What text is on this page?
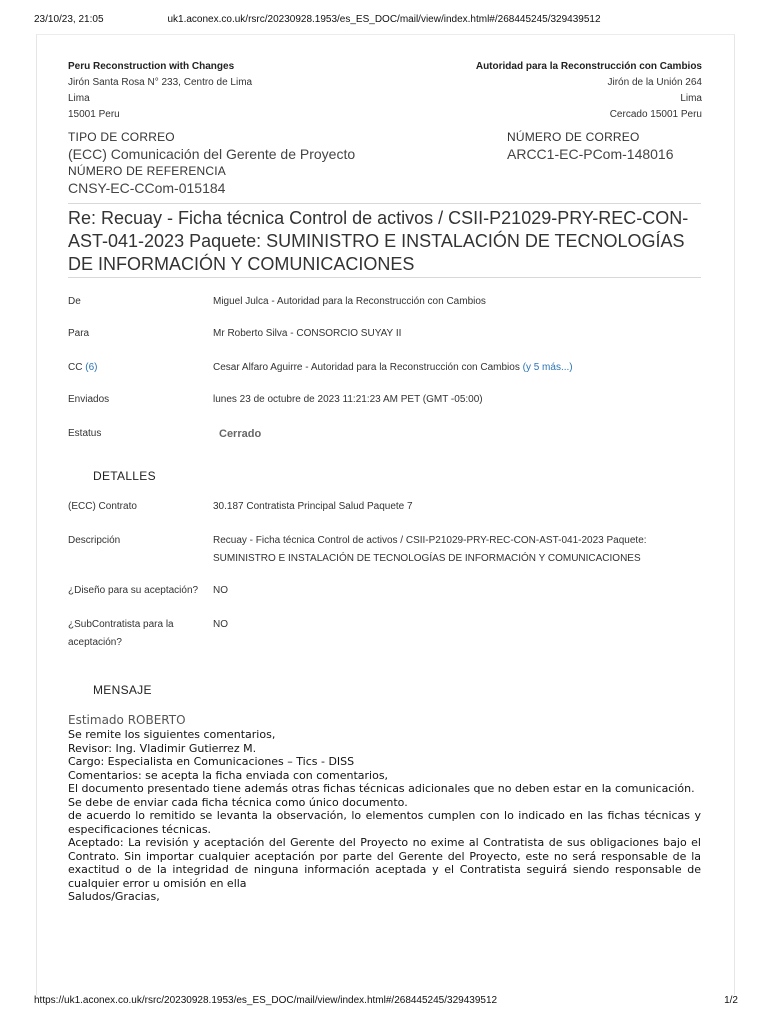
23/10/23, 21:05	uk1.aconex.co.uk/rsrc/20230928.1953/es_ES_DOC/mail/view/index.html#/268445245/329439512
Peru Reconstruction with Changes
Jirón Santa Rosa N° 233, Centro de Lima
Lima
15001 Peru
Autoridad para la Reconstrucción con Cambios
Jirón de la Unión 264
Lima
Cercado 15001 Peru
TIPO DE CORREO
(ECC) Comunicación del Gerente de Proyecto
NÚMERO DE REFERENCIA
CNSY-EC-CCom-015184
NÚMERO DE CORREO
ARCC1-EC-PCom-148016
Re: Recuay - Ficha técnica Control de activos / CSII-P21029-PRY-REC-CON-AST-041-2023 Paquete: SUMINISTRO E INSTALACIÓN DE TECNOLOGÍAS DE INFORMACIÓN Y COMUNICACIONES
De	Miguel Julca - Autoridad para la Reconstrucción con Cambios
Para	Mr Roberto Silva - CONSORCIO SUYAY II
CC (6)	Cesar Alfaro Aguirre - Autoridad para la Reconstrucción con Cambios (y 5 más...)
Enviados	lunes 23 de octubre de 2023 11:21:23 AM PET (GMT -05:00)
Estatus	Cerrado
DETALLES
(ECC) Contrato	30.187 Contratista Principal Salud Paquete 7
Descripción	Recuay - Ficha técnica Control de activos / CSII-P21029-PRY-REC-CON-AST-041-2023 Paquete:
SUMINISTRO E INSTALACIÓN DE TECNOLOGÍAS DE INFORMACIÓN Y COMUNICACIONES
¿Diseño para su aceptación? NO
¿SubContratista para la
aceptación?
NO
MENSAJE
Estimado ROBERTO

Se remite los siguientes comentarios,

Revisor: Ing. Vladimir Gutierrez M.

Cargo: Especialista en Comunicaciones – Tics - DISS

Comentarios: se acepta la ficha enviada con comentarios,

El documento presentado tiene además otras fichas técnicas adicionales que no deben estar en la comunicación.

Se debe de enviar cada ficha técnica como único documento.

de acuerdo lo remitido se levanta la observación, lo elementos cumplen con lo indicado en las fichas técnicas y especificaciones técnicas.

Aceptado: La revisión y aceptación del Gerente del Proyecto no exime al Contratista de sus obligaciones bajo el Contrato. Sin importar cualquier aceptación por parte del Gerente del Proyecto, este no será responsable de la exactitud o de la integridad de ninguna información aceptada y el Contratista seguirá siendo responsable de cualquier error u omisión en ella

Saludos/Gracias,

https://uk1.aconex.co.uk/rsrc/20230928.1953/es_ES_DOC/mail/view/index.html#/268445245/329439512	1/2
